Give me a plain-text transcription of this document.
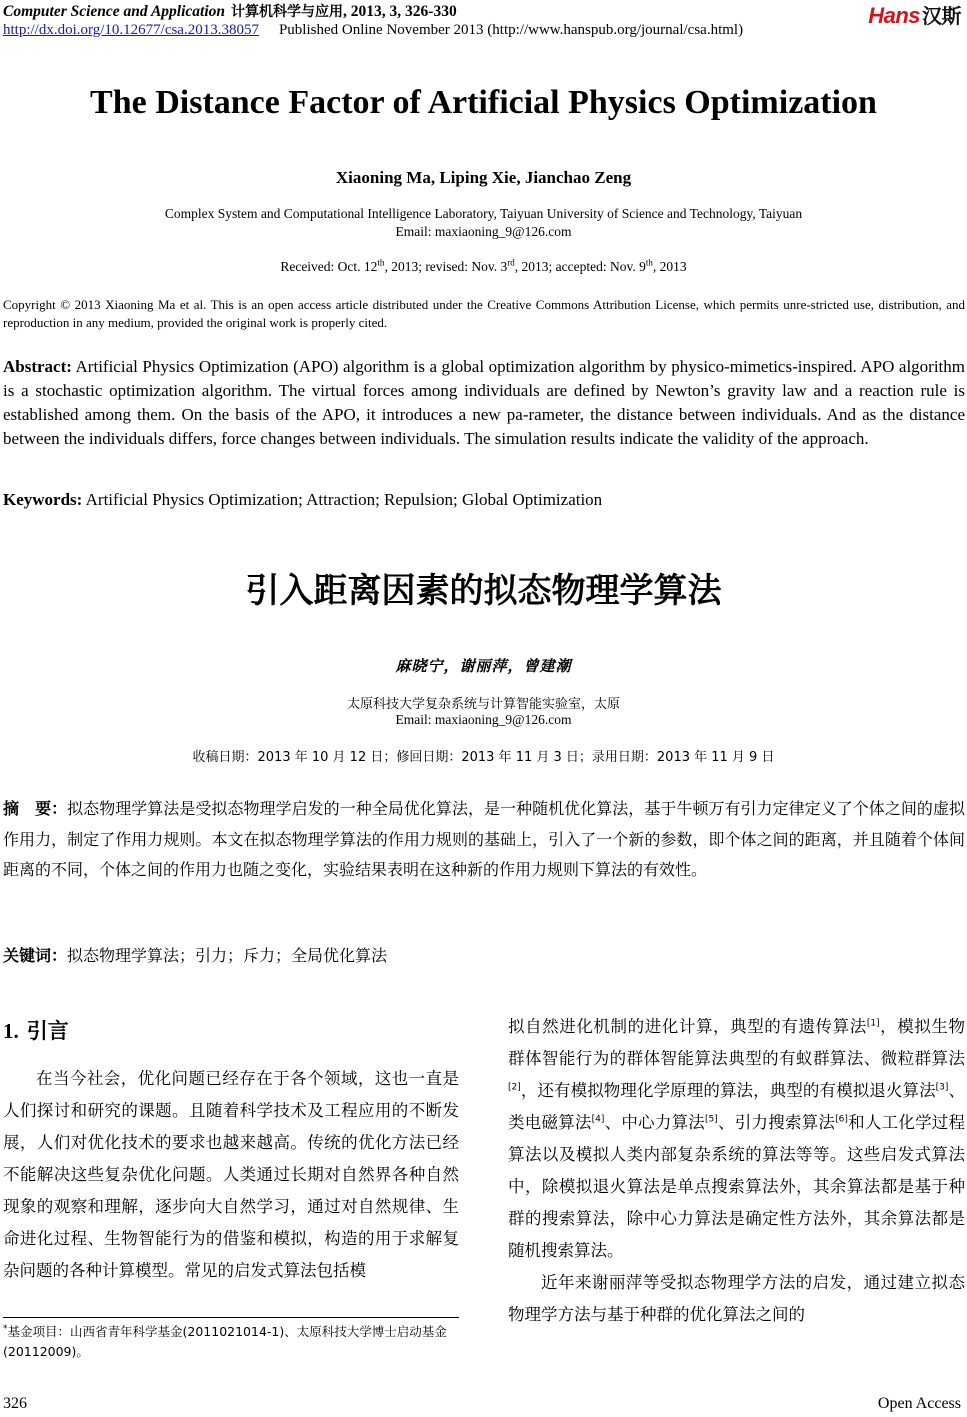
Computer Science and Application 计算机科学与应用, 2013, 3, 326-330
http://dx.doi.org/10.12677/csa.2013.38057 Published Online November 2013 (http://www.hanspub.org/journal/csa.html)
Hans 汉斯
The Distance Factor of Artificial Physics Optimization
Xiaoning Ma, Liping Xie, Jianchao Zeng
Complex System and Computational Intelligence Laboratory, Taiyuan University of Science and Technology, Taiyuan
Email: maxiaoning_9@126.com
Received: Oct. 12th, 2013; revised: Nov. 3rd, 2013; accepted: Nov. 9th, 2013
Copyright © 2013 Xiaoning Ma et al. This is an open access article distributed under the Creative Commons Attribution License, which permits unre-stricted use, distribution, and reproduction in any medium, provided the original work is properly cited.
Abstract: Artificial Physics Optimization (APO) algorithm is a global optimization algorithm by physico-mimetics-inspired. APO algorithm is a stochastic optimization algorithm. The virtual forces among individuals are defined by Newton’s gravity law and a reaction rule is established among them. On the basis of the APO, it introduces a new pa-rameter, the distance between individuals. And as the distance between the individuals differs, force changes between individuals. The simulation results indicate the validity of the approach.
Keywords: Artificial Physics Optimization; Attraction; Repulsion; Global Optimization
引入距离因素的拟态物理学算法
麻晓宁，谢丽萍，曾建潮
太原科技大学复杂系统与计算智能实验室，太原
Email: maxiaoning_9@126.com
收稿日期：2013 年 10 月 12 日；修回日期：2013 年 11 月 3 日；录用日期：2013 年 11 月 9 日
摘　要：拟态物理学算法是受拟态物理学启发的一种全局优化算法，是一种随机优化算法，基于牛顿万有引力定律定义了个体之间的虚拟作用力，制定了作用力规则。本文在拟态物理学算法的作用力规则的基础上，引入了一个新的参数，即个体之间的距离，并且随着个体间距离的不同，个体之间的作用力也随之变化，实验结果表明在这种新的作用力规则下算法的有效性。
关键词：拟态物理学算法；引力；斥力；全局优化算法
1. 引言

在当今社会，优化问题已经存在于各个领域，这也一直是人们探讨和研究的课题。且随着科学技术及工程应用的不断发展，人们对优化技术的要求也越来越高。传统的优化方法已经不能解决这些复杂优化问题。人类通过长期对自然界各种自然现象的观察和理解，逐步向大自然学习，通过对自然规律、生命进化过程、生物智能行为的借鉴和模拟，构造的用于求解复杂问题的各种计算模型。常见的启发式算法包括模

拟自然进化机制的进化计算，典型的有遗传算法[1]，模拟生物群体智能行为的群体智能算法典型的有蚁群算法、微粒群算法[2]，还有模拟物理化学原理的算法，典型的有模拟退火算法[3]、类电磁算法[4]、中心力算法[5]、引力搜索算法[6]和人工化学过程算法以及模拟人类内部复杂系统的算法等等。这些启发式算法中，除模拟退火算法是单点搜索算法外，其余算法都是基于种群的搜索算法，除中心力算法是确定性方法外，其余算法都是随机搜索算法。

近年来谢丽萍等受拟态物理学方法的启发，通过建立拟态物理学方法与基于种群的优化算法之间的

*基金项目：山西省青年科学基金(2011021014-1)、太原科技大学博士启动基金(20112009)。
326	Open Access
